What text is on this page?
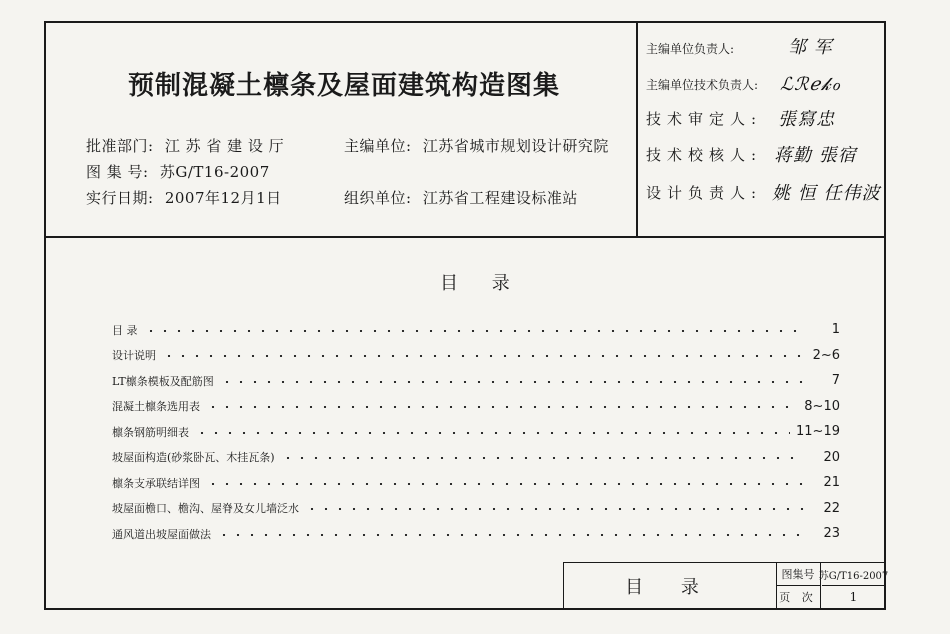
预制混凝土檩条及屋面建筑构造图集
批准部门: 江 苏 省 建 设 厅
图 集 号: 苏G/T16-2007
实行日期: 2007年12月1日
主编单位: 江苏省城市规划设计研究院
组织单位: 江苏省工程建设标准站
主编单位负责人:	邹 军
主编单位技术负责人: ℒℛℯ𝓀ℴ
技术审定人: 張寫忠
技术校核人: 蒋勤 張宿
设计负责人: 姚 恒 任伟波
目 录
目 录	1
设计说明	2~6
LT檩条模板及配筋图	7
混凝土檩条选用表	8~10
檩条钢筋明细表	11~19
坡屋面构造(砂浆卧瓦、木挂瓦条)	20
檩条支承联结详图	21
坡屋面檐口、檐沟、屋脊及女儿墙泛水	22
通风道出坡屋面做法	23
目 录
图集号 苏G/T16-2007
页 次	1
